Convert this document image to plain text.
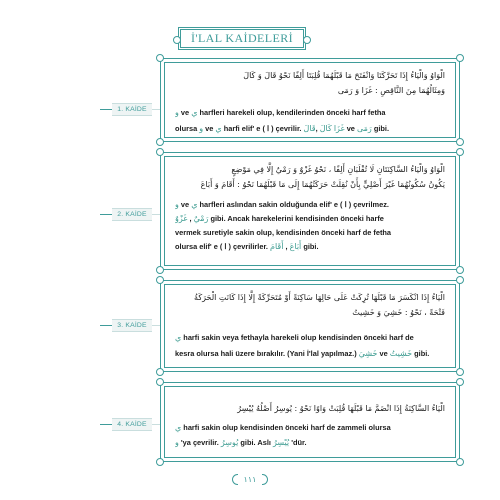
İ'LAL KAİDELERİ
الْوَاوُ وَالْيَاءُ إِذَا تَحَرَّكَتَا وَانْفَتَحَ مَا قَبْلَهُمَا قُلِبَتَا أَلِفًا نَحْوُ قَالَ وَ كَالَ
وَمِثَالُهُمَا مِنَ النَّاقِصِ : غَزَا وَ رَمَى
و ve ي harfleri harekeli olup, kendilerinden önceki harf fetha
olursa و ve ي harfi elif' e ( ا ) çevrilir. قَالَ, كَالَ غَزَا ve رَمَى gibi.
1. KAİDE
الْوَاوُ وَالْيَاءُ السَّاكِنَتَانِ لَا تُقْلَبَانِ أَلِفًا ، نَحْوُ غَزْوٌ وَ رَمْيٌ إِلَّا فِي مَوْضِعٍ
يَكُونُ سُكُونُهُمَا غَيْرَ أَصْلِيٍّ بِأَنْ نُقِلَتْ حَرَكَتُهُمَا إِلَى مَا قَبْلَهُمَا نَحْوُ : أَقَامَ وَ أَبَاعَ
و ve ي harfleri aslından sakin olduğunda elif' e ( ا ) çevrilmez.
غَزْوٌ , رَمْيٌ gibi. Ancak harekelerini kendisinden önceki harfe
vermek suretiyle sakin olup, kendisinden önceki harf de fetha
olursa elif' e ( ا ) çevrilirler. أَقَامَ , أَبَاعَ gibi.
2. KAİDE
الْيَاءُ إِذَا انْكَسَرَ مَا قَبْلَهَا تُرِكَتْ عَلَى حَالِهَا سَاكِنَةً أَوْ مُتَحَرِّكَةً إِلَّا إِذَا كَانَتِ الْحَرَكَةُ
فَتْحَةً ، نَحْوُ : خَشِيَ وَ خَشِيتُ
ي harfi sakin veya fethayla harekeli olup kendisinden önceki harf de
kesra olursa hali üzere bırakılır. (Yani İ'lal yapılmaz.) خَشِيَ ve خَشِيتُ gibi.
3. KAİDE
الْيَاءُ السَّاكِنَةُ إِذَا انْضَمَّ مَا قَبْلَهَا قُلِبَتْ وَاوًا نَحْوُ : يُوسِرُ أَصْلُهُ يُيْسِرُ
ي harfi sakin olup kendisinden önceki harf de zammeli olursa
و 'ya çevrilir. يُوسِرُ gibi. Aslı يُيْسِرُ 'dür.
4. KAİDE
١١١
